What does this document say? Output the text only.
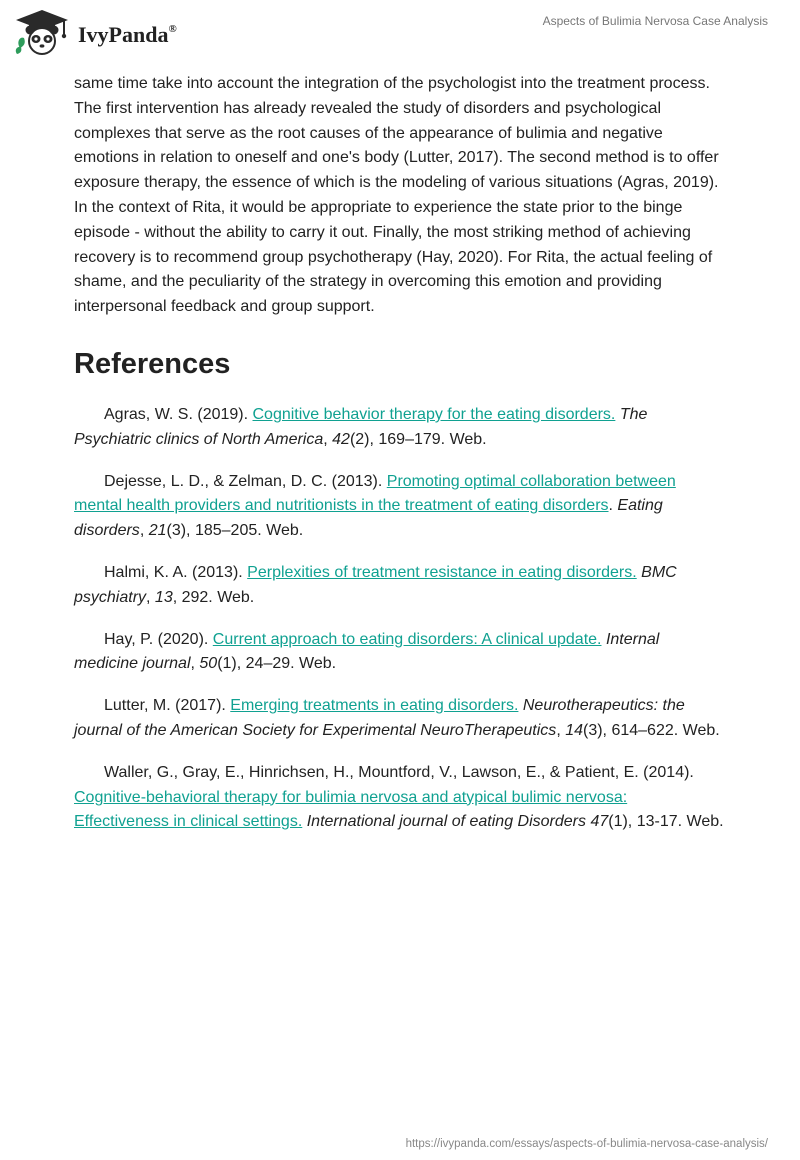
IvyPanda®
Aspects of Bulimia Nervosa Case Analysis

same time take into account the integration of the psychologist into the treatment process. The first intervention has already revealed the study of disorders and psychological complexes that serve as the root causes of the appearance of bulimia and negative emotions in relation to oneself and one's body (Lutter, 2017). The second method is to offer exposure therapy, the essence of which is the modeling of various situations (Agras, 2019). In the context of Rita, it would be appropriate to experience the state prior to the binge episode - without the ability to carry it out. Finally, the most striking method of achieving recovery is to recommend group psychotherapy (Hay, 2020). For Rita, the actual feeling of shame, and the peculiarity of the strategy in overcoming this emotion and providing interpersonal feedback and group support.

References

Agras, W. S. (2019). Cognitive behavior therapy for the eating disorders. The Psychiatric clinics of North America, 42(2), 169–179. Web.

Dejesse, L. D., & Zelman, D. C. (2013). Promoting optimal collaboration between mental health providers and nutritionists in the treatment of eating disorders. Eating disorders, 21(3), 185–205. Web.

Halmi, K. A. (2013). Perplexities of treatment resistance in eating disorders. BMC psychiatry, 13, 292. Web.

Hay, P. (2020). Current approach to eating disorders: A clinical update. Internal medicine journal, 50(1), 24–29. Web.

Lutter, M. (2017). Emerging treatments in eating disorders. Neurotherapeutics: the journal of the American Society for Experimental NeuroTherapeutics, 14(3), 614–622. Web.

Waller, G., Gray, E., Hinrichsen, H., Mountford, V., Lawson, E., & Patient, E. (2014). Cognitive-behavioral therapy for bulimia nervosa and atypical bulimic nervosa: Effectiveness in clinical settings. International journal of eating Disorders 47(1), 13-17. Web.

https://ivypanda.com/essays/aspects-of-bulimia-nervosa-case-analysis/
